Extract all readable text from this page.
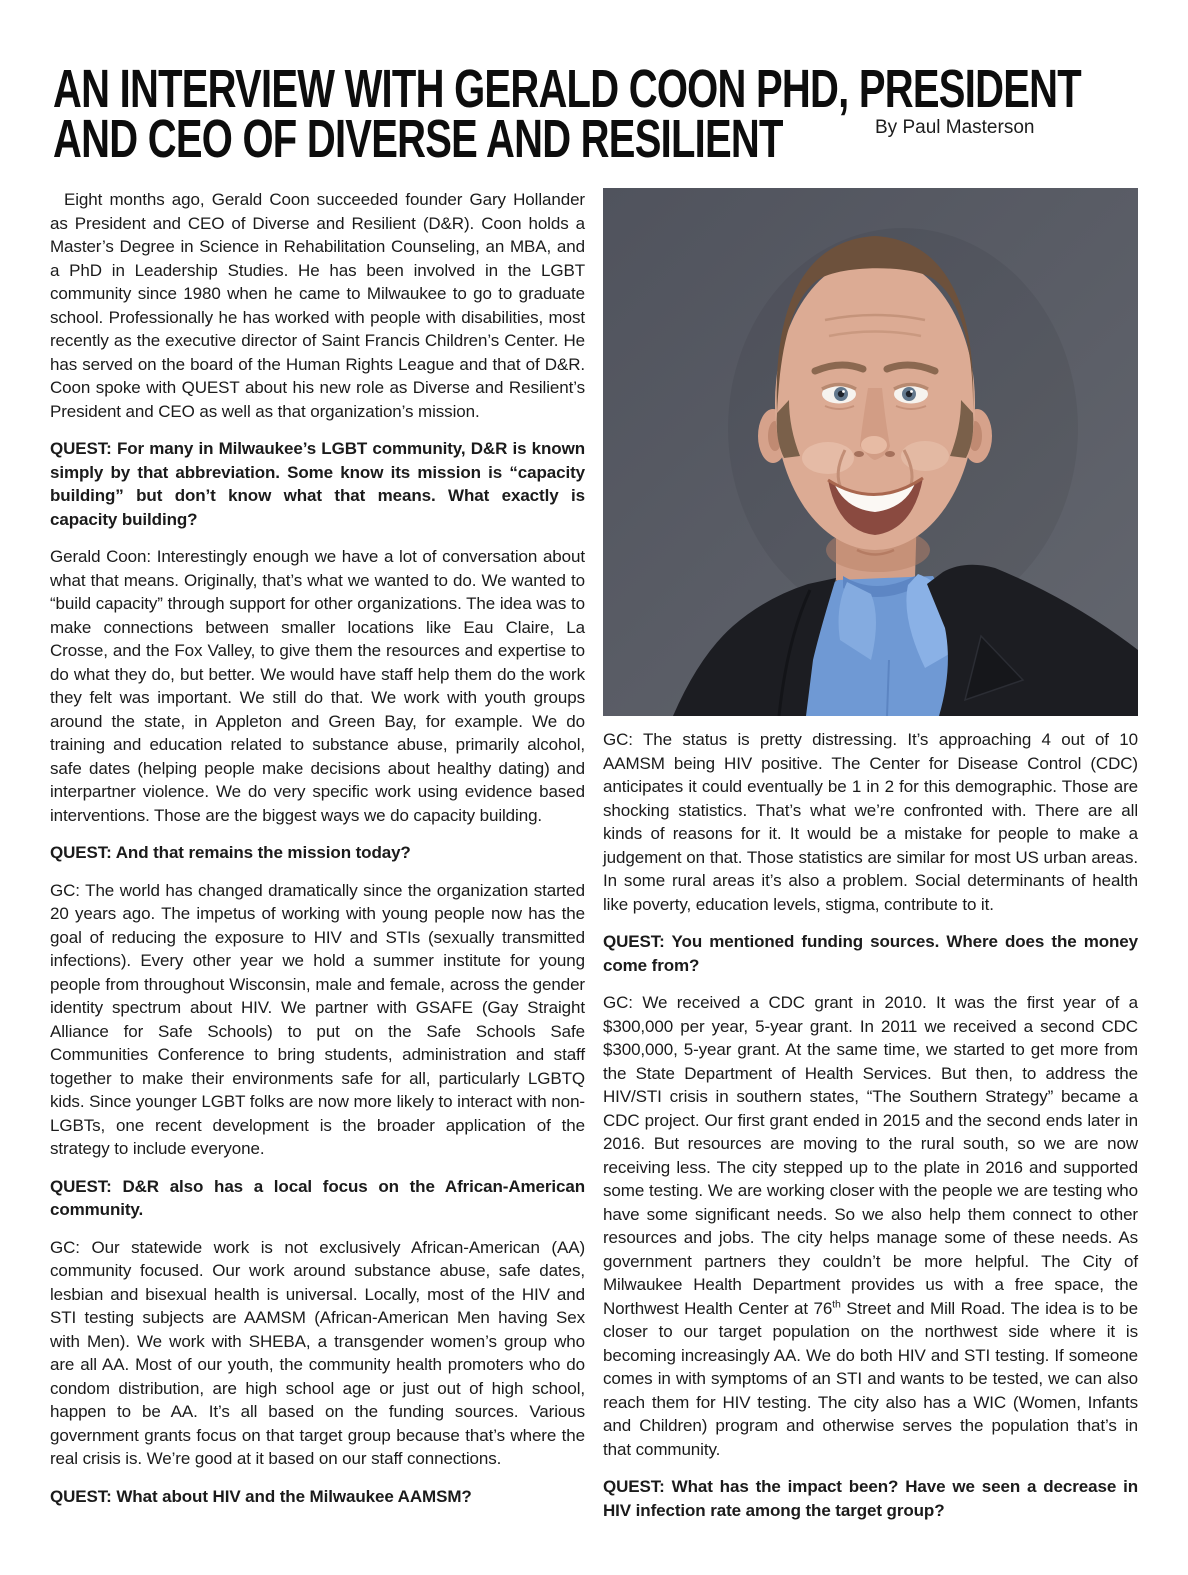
AN INTERVIEW WITH GERALD COON PHD, PRESIDENT
AND CEO OF DIVERSE AND RESILIENT	By Paul Masterson

Eight months ago, Gerald Coon succeeded founder Gary Hollander as President and CEO of Diverse and Resilient (D&R). Coon holds a Master’s Degree in Science in Rehabilitation Counseling, an MBA, and a PhD in Leadership Studies. He has been involved in the LGBT community since 1980 when he came to Milwaukee to go to graduate school. Professionally he has worked with people with disabilities, most recently as the executive director of Saint Francis Children’s Center. He has served on the board of the Human Rights League and that of D&R. Coon spoke with QUEST about his new role as Diverse and Resilient’s President and CEO as well as that organization’s mission.

QUEST: For many in Milwaukee’s LGBT community, D&R is known simply by that abbreviation. Some know its mission is “capacity building” but don’t know what that means. What exactly is capacity building?

Gerald Coon: Interestingly enough we have a lot of conversation about what that means. Originally, that’s what we wanted to do. We wanted to “build capacity” through support for other organizations. The idea was to make connections between smaller locations like Eau Claire, La Crosse, and the Fox Valley, to give them the resources and expertise to do what they do, but better. We would have staff help them do the work they felt was important. We still do that. We work with youth groups around the state, in Appleton and Green Bay, for example. We do training and education related to substance abuse, primarily alcohol, safe dates (helping people make decisions about healthy dating) and interpartner violence. We do very specific work using evidence based interventions. Those are the biggest ways we do capacity building.

QUEST: And that remains the mission today?

GC: The world has changed dramatically since the organization started 20 years ago. The impetus of working with young people now has the goal of reducing the exposure to HIV and STIs (sexually transmitted infections). Every other year we hold a summer institute for young people from throughout Wisconsin, male and female, across the gender identity spectrum about HIV. We partner with GSAFE (Gay Straight Alliance for Safe Schools) to put on the Safe Schools Safe Communities Conference to bring students, administration and staff together to make their environments safe for all, particularly LGBTQ kids. Since younger LGBT folks are now more likely to interact with non-LGBTs, one recent development is the broader application of the strategy to include everyone.

QUEST: D&R also has a local focus on the African-American community.

GC: Our statewide work is not exclusively African-American (AA) community focused. Our work around substance abuse, safe dates, lesbian and bisexual health is universal. Locally, most of the HIV and STI testing subjects are AAMSM (African-American Men having Sex with Men). We work with SHEBA, a transgender women’s group who are all AA. Most of our youth, the community health promoters who do condom distribution, are high school age or just out of high school, happen to be AA. It’s all based on the funding sources. Various government grants focus on that target group because that’s where the real crisis is. We’re good at it based on our staff connections.

QUEST: What about HIV and the Milwaukee AAMSM?

GC: The status is pretty distressing. It’s approaching 4 out of 10 AAMSM being HIV positive. The Center for Disease Control (CDC) anticipates it could eventually be 1 in 2 for this demographic. Those are shocking statistics. That’s what we’re confronted with. There are all kinds of reasons for it. It would be a mistake for people to make a judgement on that. Those statistics are similar for most US urban areas. In some rural areas it’s also a problem. Social determinants of health like poverty, education levels, stigma, contribute to it.

QUEST: You mentioned funding sources. Where does the money come from?

GC: We received a CDC grant in 2010. It was the first year of a $300,000 per year, 5-year grant. In 2011 we received a second CDC $300,000, 5-year grant. At the same time, we started to get more from the State Department of Health Services. But then, to address the HIV/STI crisis in southern states, “The Southern Strategy” became a CDC project. Our first grant ended in 2015 and the second ends later in 2016. But resources are moving to the rural south, so we are now receiving less. The city stepped up to the plate in 2016 and supported some testing. We are working closer with the people we are testing who have some significant needs. So we also help them connect to other resources and jobs. The city helps manage some of these needs. As government partners they couldn’t be more helpful. The City of Milwaukee Health Department provides us with a free space, the Northwest Health Center at 76th Street and Mill Road. The idea is to be closer to our target population on the northwest side where it is becoming increasingly AA. We do both HIV and STI testing. If someone comes in with symptoms of an STI and wants to be tested, we can also reach them for HIV testing. The city also has a WIC (Women, Infants and Children) program and otherwise serves the population that’s in that community.

QUEST: What has the impact been? Have we seen a decrease in HIV infection rate among the target group?
